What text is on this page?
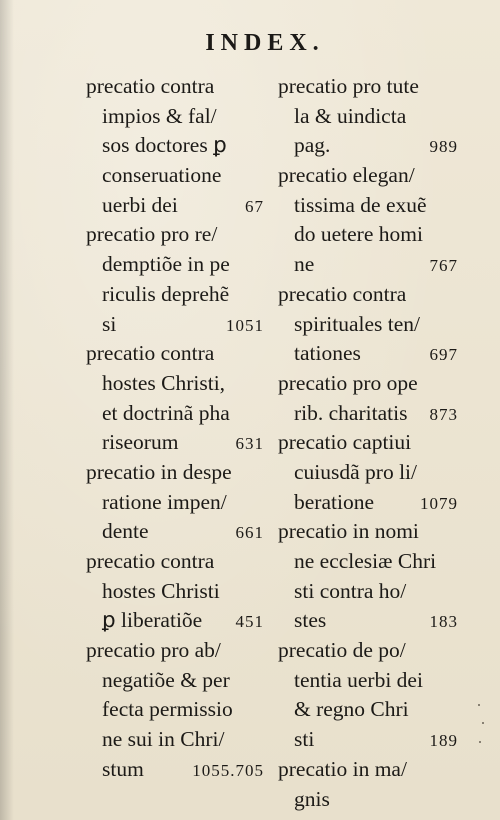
INDEX.
precatio contra
impios & fal/
sos doctores ꝑ
conseruatione
uerbi dei	67
precatio pro re/
demptiõe in pe
riculis deprehẽ
si	1051
precatio contra
hostes Christi,
et doctrinã pha
riseorum	631
precatio in despe
ratione impen/
dente	661
precatio contra
hostes Christi
ꝑ liberatiõe 451
precatio pro ab/
negatiõe & per
fecta permissio
ne sui in Chri/
stum	1055.705
precatio pro tute
la & uindicta
pag.	989
precatio elegan/
tissima de exuẽ
do uetere homi
ne	767
precatio contra
spirituales ten/
tationes	697
precatio pro ope
rib. charitatis 873
precatio captiui
cuiusdã pro li/
beratione	1079
precatio in nomi
ne ecclesiæ Chri
sti contra ho/
stes	183
precatio de po/
tentia uerbi dei
& regno Chri
sti	189
precatio in ma/
gnis
